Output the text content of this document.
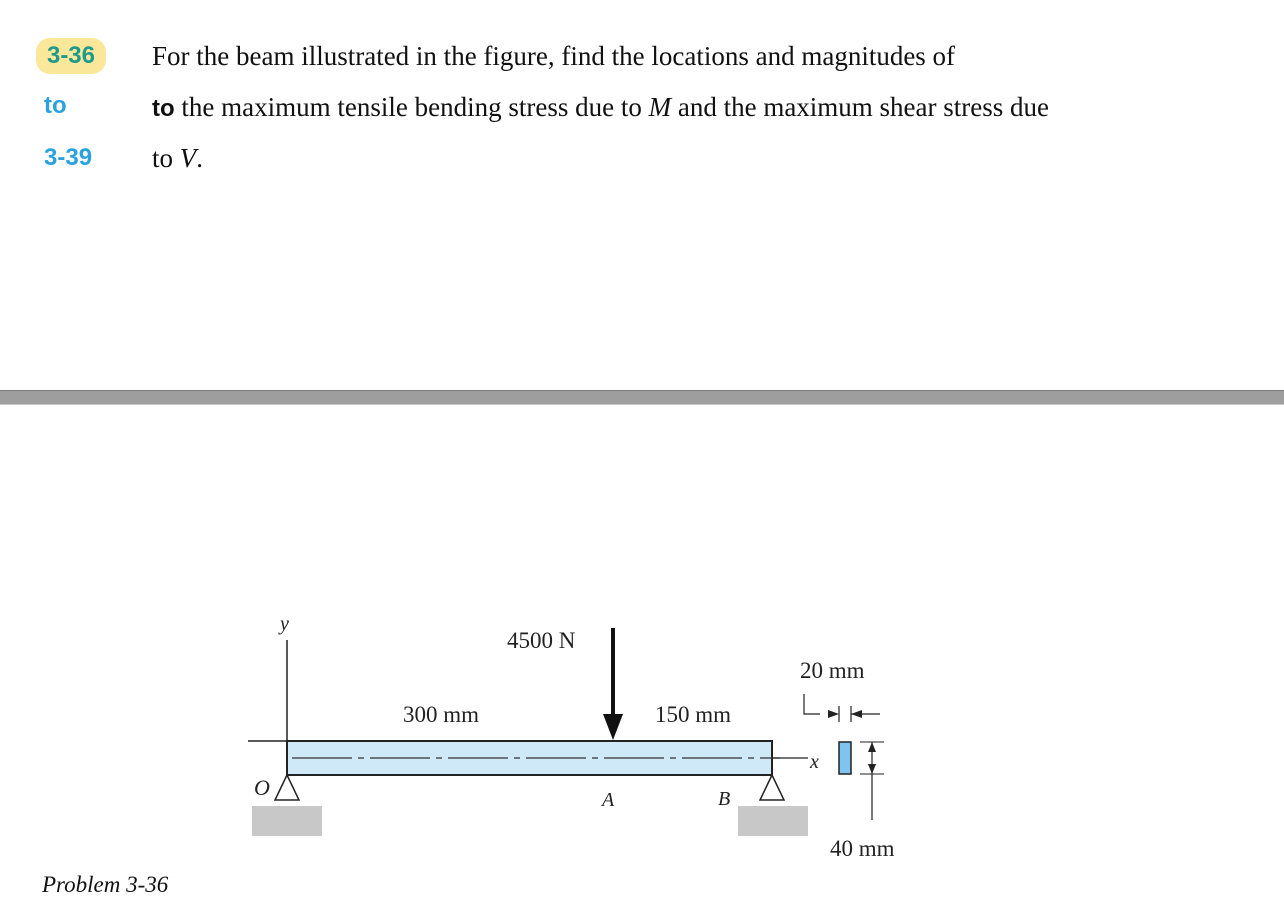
3-36
to
3-39
For the beam illustrated in the figure, find the locations and magnitudes of
to the maximum tensile bending stress due to M and the maximum shear stress due
to V.
y
x
O	B
4500 N
A
300 mm	150 mm
20 mm
40 mm
Problem 3-36
